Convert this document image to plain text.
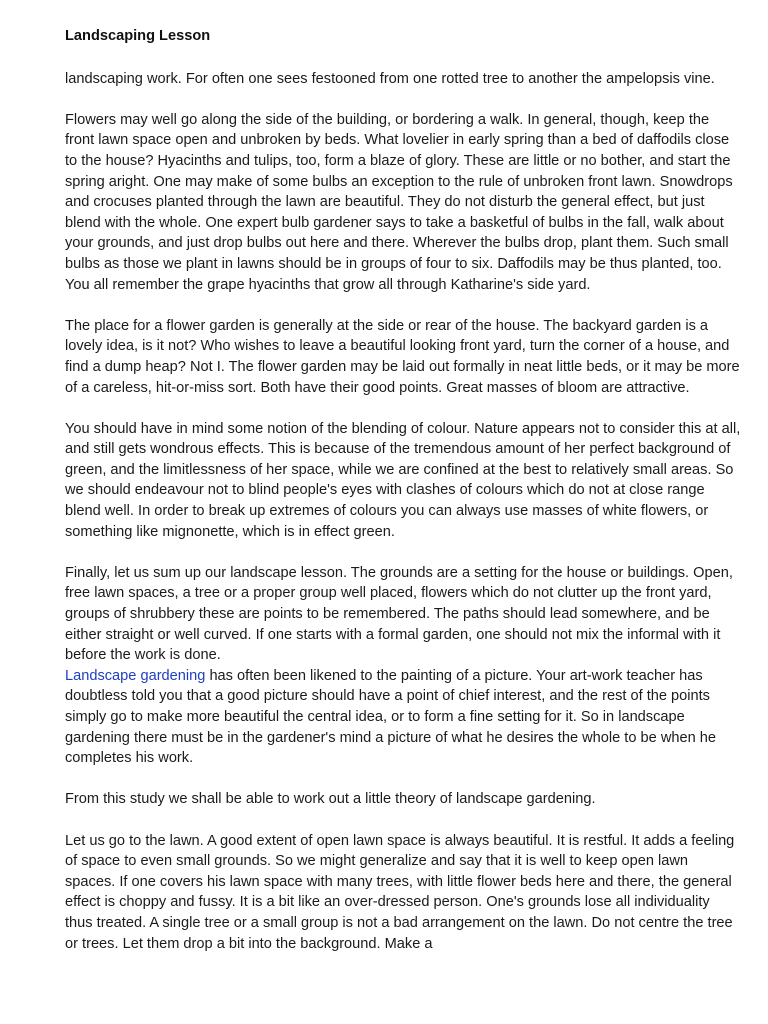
Landscaping Lesson

landscaping work. For often one sees festooned from one rotted tree to another the ampelopsis vine.

Flowers may well go along the side of the building, or bordering a walk. In general, though, keep the front lawn space open and unbroken by beds. What lovelier in early spring than a bed of daffodils close to the house? Hyacinths and tulips, too, form a blaze of glory. These are little or no bother, and start the spring aright. One may make of some bulbs an exception to the rule of unbroken front lawn. Snowdrops and crocuses planted through the lawn are beautiful. They do not disturb the general effect, but just blend with the whole. One expert bulb gardener says to take a basketful of bulbs in the fall, walk about your grounds, and just drop bulbs out here and there. Wherever the bulbs drop, plant them. Such small bulbs as those we plant in lawns should be in groups of four to six. Daffodils may be thus planted, too. You all remember the grape hyacinths that grow all through Katharine's side yard.

The place for a flower garden is generally at the side or rear of the house. The backyard garden is a lovely idea, is it not? Who wishes to leave a beautiful looking front yard, turn the corner of a house, and find a dump heap? Not I. The flower garden may be laid out formally in neat little beds, or it may be more of a careless, hit-or-miss sort. Both have their good points. Great masses of bloom are attractive.

You should have in mind some notion of the blending of colour. Nature appears not to consider this at all, and still gets wondrous effects. This is because of the tremendous amount of her perfect background of green, and the limitlessness of her space, while we are confined at the best to relatively small areas. So we should endeavour not to blind people's eyes with clashes of colours which do not at close range blend well. In order to break up extremes of colours you can always use masses of white flowers, or something like mignonette, which is in effect green.

Finally, let us sum up our landscape lesson. The grounds are a setting for the house or buildings. Open, free lawn spaces, a tree or a proper group well placed, flowers which do not clutter up the front yard, groups of shrubbery these are points to be remembered. The paths should lead somewhere, and be either straight or well curved. If one starts with a formal garden, one should not mix the informal with it before the work is done.

Landscape gardening has often been likened to the painting of a picture. Your art-work teacher has doubtless told you that a good picture should have a point of chief interest, and the rest of the points simply go to make more beautiful the central idea, or to form a fine setting for it. So in landscape gardening there must be in the gardener's mind a picture of what he desires the whole to be when he completes his work.

From this study we shall be able to work out a little theory of landscape gardening.

Let us go to the lawn. A good extent of open lawn space is always beautiful. It is restful. It adds a feeling of space to even small grounds. So we might generalize and say that it is well to keep open lawn spaces. If one covers his lawn space with many trees, with little flower beds here and there, the general effect is choppy and fussy. It is a bit like an over-dressed person. One's grounds lose all individuality thus treated. A single tree or a small group is not a bad arrangement on the lawn. Do not centre the tree or trees. Let them drop a bit into the background. Make a
